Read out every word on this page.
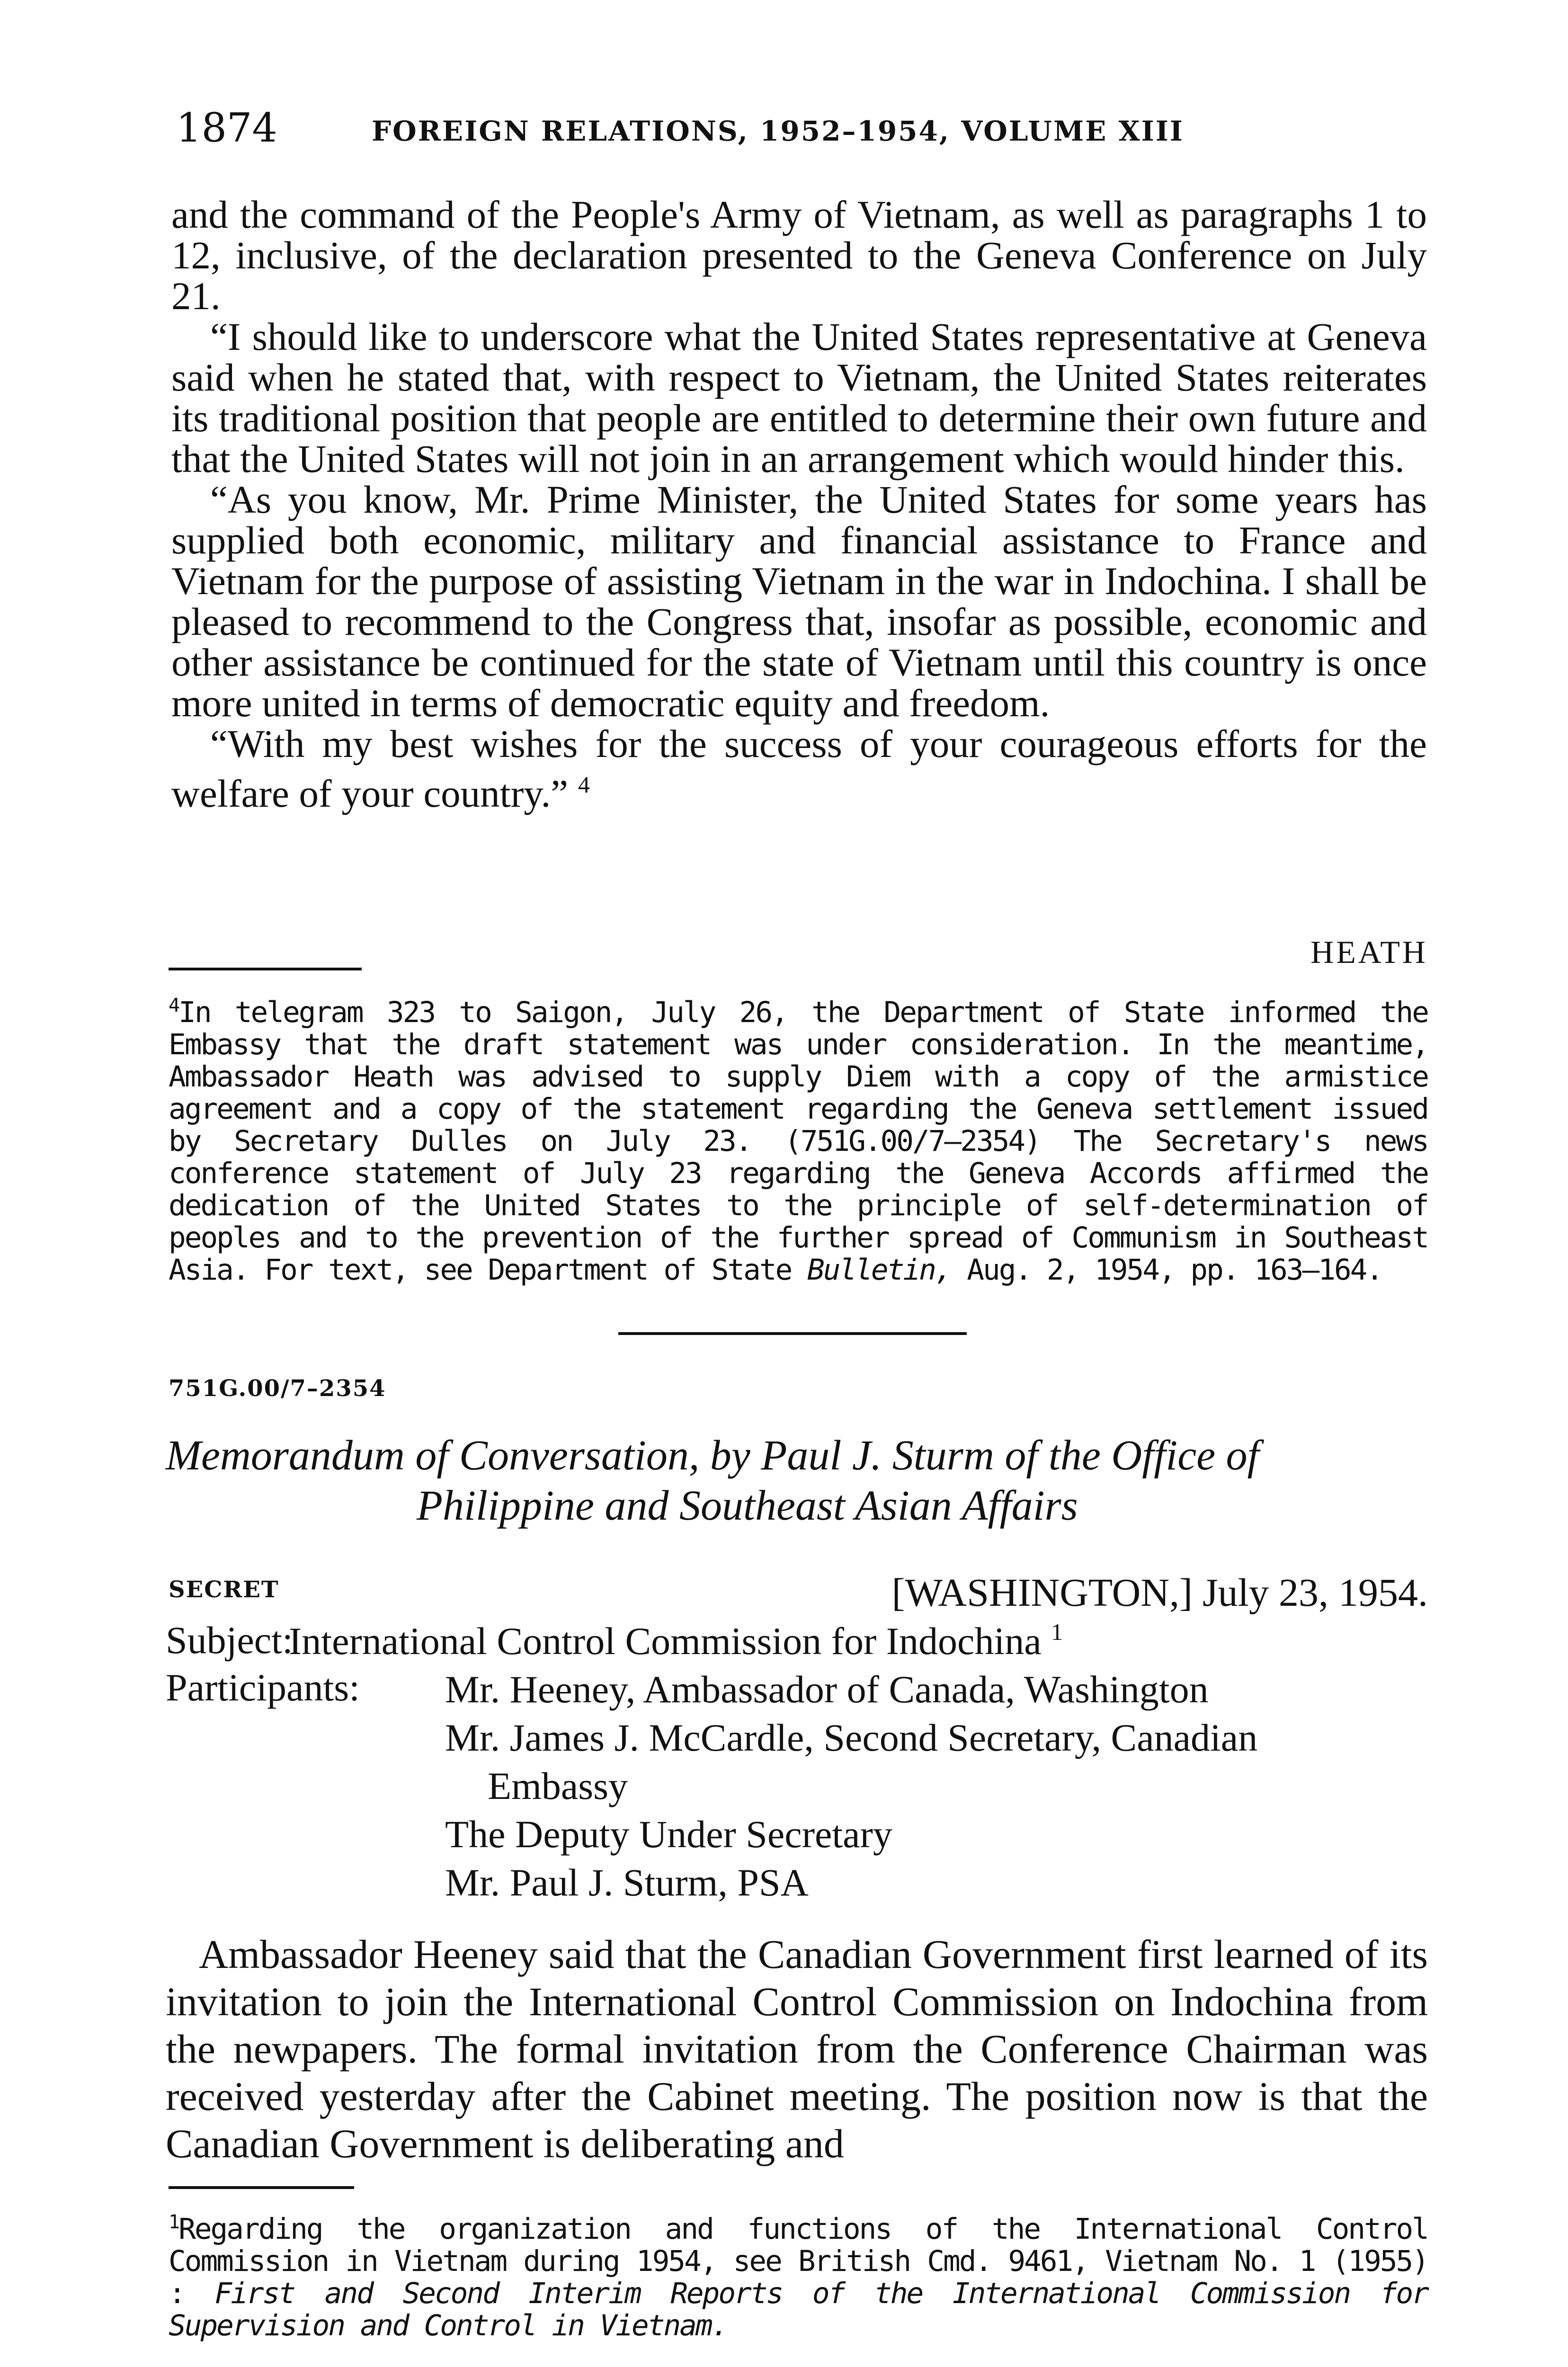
1874	FOREIGN RELATIONS, 1952–1954, VOLUME XIII

and the command of the People's Army of Vietnam, as well as paragraphs 1 to 12, inclusive, of the declaration presented to the Geneva Conference on July 21.

“I should like to underscore what the United States representative at Geneva said when he stated that, with respect to Vietnam, the United States reiterates its traditional position that people are entitled to determine their own future and that the United States will not join in an arrangement which would hinder this.

“As you know, Mr. Prime Minister, the United States for some years has supplied both economic, military and financial assistance to France and Vietnam for the purpose of assisting Vietnam in the war in Indochina. I shall be pleased to recommend to the Congress that, insofar as possible, economic and other assistance be continued for the state of Vietnam until this country is once more united in terms of democratic equity and freedom.

“With my best wishes for the success of your courageous efforts for the welfare of your country.” $^4$

HEATH

$^4$In telegram 323 to Saigon, July 26, the Department of State informed the Embassy that the draft statement was under consideration. In the meantime, Ambassador Heath was advised to supply Diem with a copy of the armistice agreement and a copy of the statement regarding the Geneva settlement issued by Secretary Dulles on July 23. (751G.00/7–2354) The Secretary's news conference statement of July 23 regarding the Geneva Accords affirmed the dedication of the United States to the principle of self-determination of peoples and to the prevention of the further spread of Communism in Southeast Asia. For text, see Department of State Bulletin, Aug. 2, 1954, pp. 163–164.

751G.00/7–2354
Memorandum of Conversation, by Paul J. Sturm of the Office of
Philippine and Southeast Asian Affairs
SECRET	[WASHINGTON,] July 23, 1954.
Subject:
International Control Commission for Indochina $^1$
Participants:	Mr. Heeney, Ambassador of Canada, Washington
Mr. James J. McCardle, Second Secretary, Canadian
Embassy
The Deputy Under Secretary
Mr. Paul J. Sturm, PSA

Ambassador Heeney said that the Canadian Government first learned of its invitation to join the International Control Commission on Indochina from the newpapers. The formal invitation from the Conference Chairman was received yesterday after the Cabinet meeting. The position now is that the Canadian Government is deliberating and

$^1$Regarding the organization and functions of the International Control Commission in Vietnam during 1954, see British Cmd. 9461, Vietnam No. 1 (1955) : First and Second Interim Reports of the International Commission for Supervision and Control in Vietnam.
